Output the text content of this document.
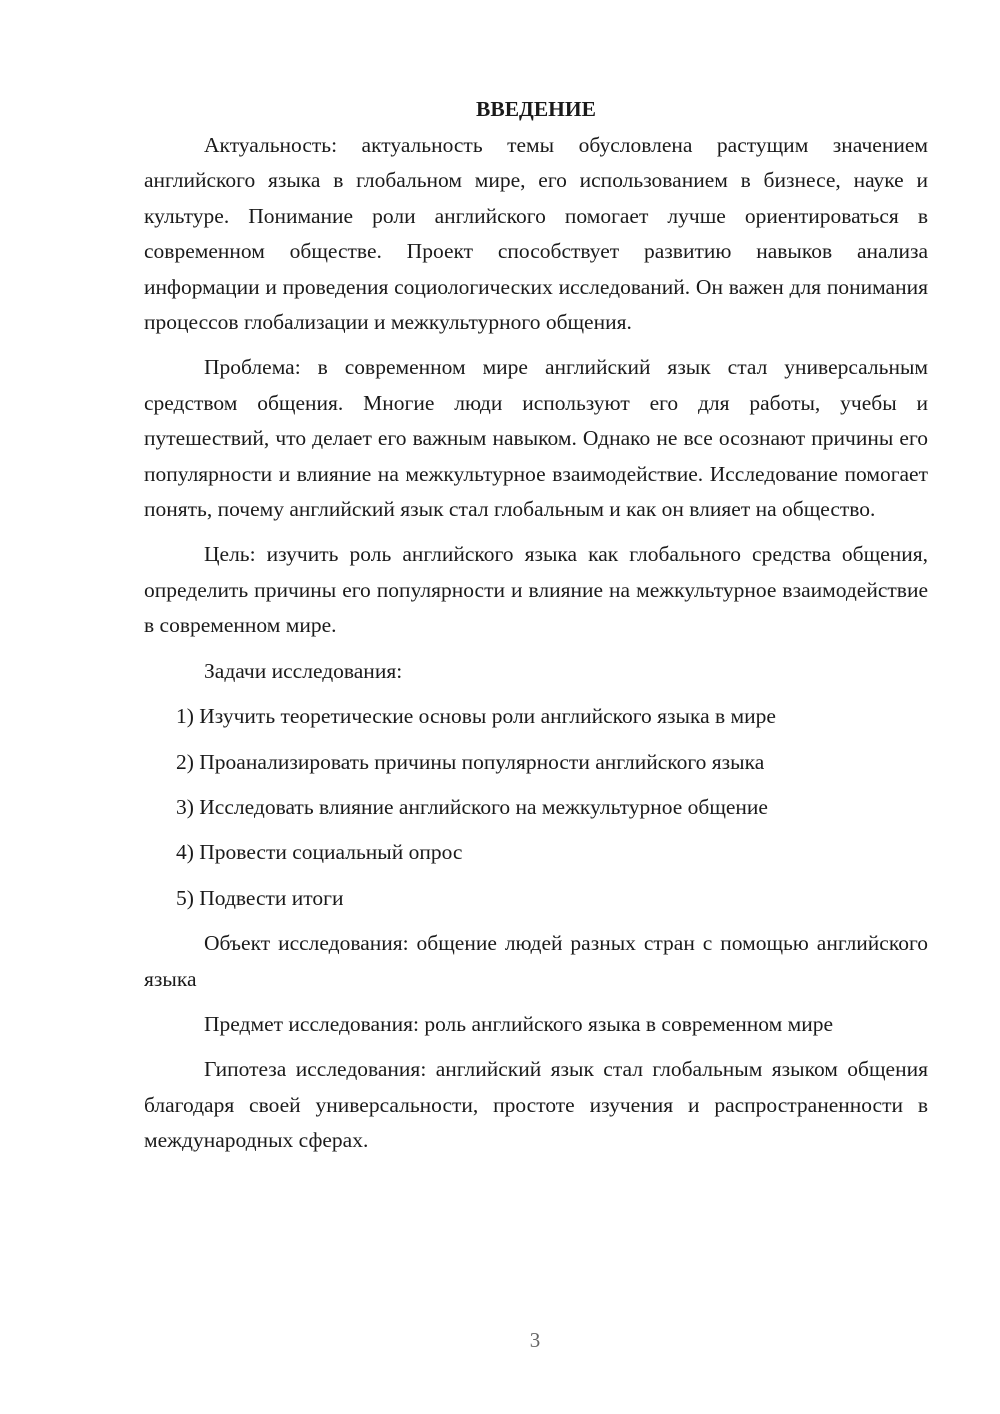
ВВЕДЕНИЕ

Актуальность: актуальность темы обусловлена растущим значением английского языка в глобальном мире, его использованием в бизнесе, науке и культуре. Понимание роли английского помогает лучше ориентироваться в современном обществе. Проект способствует развитию навыков анализа информации и проведения социологических исследований. Он важен для понимания процессов глобализации и межкультурного общения.

Проблема: в современном мире английский язык стал универсальным средством общения. Многие люди используют его для работы, учебы и путешествий, что делает его важным навыком. Однако не все осознают причины его популярности и влияние на межкультурное взаимодействие. Исследование помогает понять, почему английский язык стал глобальным и как он влияет на общество.

Цель: изучить роль английского языка как глобального средства общения, определить причины его популярности и влияние на межкультурное взаимодействие в современном мире.

Задачи исследования:

1) Изучить теоретические основы роли английского языка в мире
2) Проанализировать причины популярности английского языка
3) Исследовать влияние английского на межкультурное общение
4) Провести социальный опрос
5) Подвести итоги

Объект исследования: общение людей разных стран с помощью английского языка

Предмет исследования: роль английского языка в современном мире

Гипотеза исследования: английский язык стал глобальным языком общения благодаря своей универсальности, простоте изучения и распространенности в международных сферах.

3
